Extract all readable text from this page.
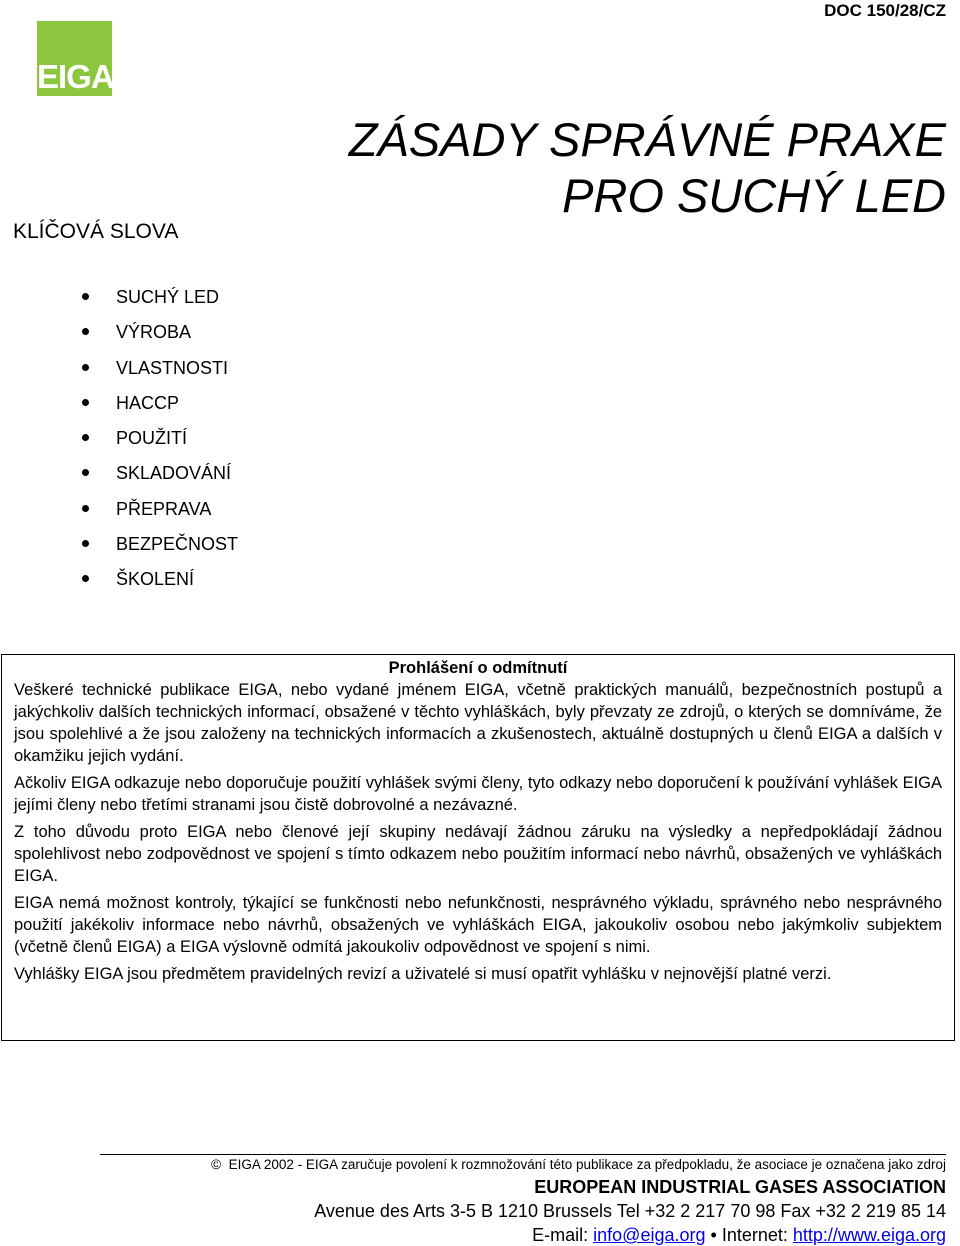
DOC 150/28/CZ
EIGA
ZÁSADY SPRÁVNÉ PRAXE
PRO SUCHÝ LED
KLÍČOVÁ SLOVA
SUCHÝ LED
VÝROBA
VLASTNOSTI
HACCP
POUŽITÍ
SKLADOVÁNÍ
PŘEPRAVA
BEZPEČNOST
ŠKOLENÍ

Prohlášení o odmítnutí

Veškeré technické publikace EIGA, nebo vydané jménem EIGA, včetně praktických manuálů, bezpečnostních postupů a jakýchkoliv dalších technických informací, obsažené v těchto vyhláškách, byly převzaty ze zdrojů, o kterých se domníváme, že jsou spolehlivé a že jsou založeny na technických informacích a zkušenostech, aktuálně dostupných u členů EIGA a dalších v okamžiku jejich vydání.

Ačkoliv EIGA odkazuje nebo doporučuje použití vyhlášek svými členy, tyto odkazy nebo doporučení k používání vyhlášek EIGA jejími členy nebo třetími stranami jsou čistě dobrovolné a nezávazné.

Z toho důvodu proto EIGA nebo členové její skupiny nedávají žádnou záruku na výsledky a nepředpokládají žádnou spolehlivost nebo zodpovědnost ve spojení s tímto odkazem nebo použitím informací nebo návrhů, obsažených ve vyhláškách EIGA.

EIGA nemá možnost kontroly, týkající se funkčnosti nebo nefunkčnosti, nesprávného výkladu, správného nebo nesprávného použití jakékoliv informace nebo návrhů, obsažených ve vyhláškách EIGA, jakoukoliv osobou nebo jakýmkoliv subjektem (včetně členů EIGA) a EIGA výslovně odmítá jakoukoliv odpovědnost ve spojení s nimi.

Vyhlášky EIGA jsou předmětem pravidelných revizí a uživatelé si musí opatřit vyhlášku v nejnovější platné verzi.

© EIGA 2002 - EIGA zaručuje povolení k rozmnožování této publikace za předpokladu, že asociace je označena jako zdroj
EUROPEAN INDUSTRIAL GASES ASSOCIATION
Avenue des Arts 3-5 B 1210 Brussels Tel +32 2 217 70 98 Fax +32 2 219 85 14
E-mail: info@eiga.org • Internet: http://www.eiga.org
